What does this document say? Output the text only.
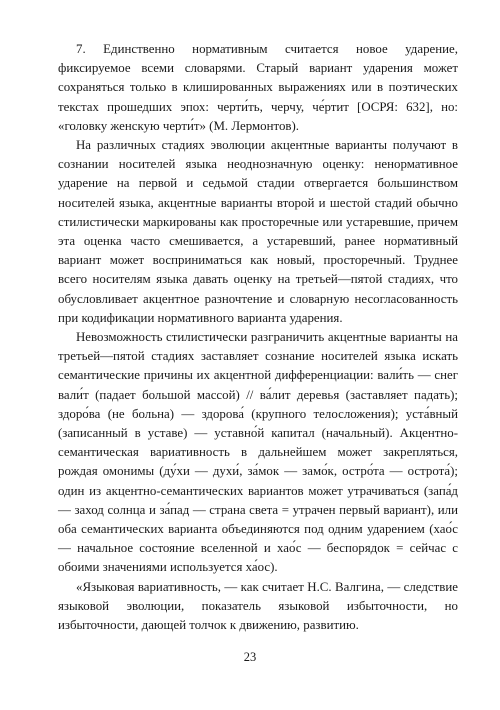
7. Единственно нормативным считается новое ударение, фиксируемое всеми словарями. Старый вариант ударения может сохраняться только в клишированных выражениях или в поэтических текстах прошедших эпох: черти́ть, черчу, че́ртит [ОСРЯ: 632], но: «головку женскую черти́т» (М. Лермонтов).

На различных стадиях эволюции акцентные варианты получают в сознании носителей языка неоднозначную оценку: ненормативное ударение на первой и седьмой стадии отвергается большинством носителей языка, акцентные варианты второй и шестой стадий обычно стилистически маркированы как просторечные или устаревшие, причем эта оценка часто смешивается, а устаревший, ранее нормативный вариант может восприниматься как новый, просторечный. Труднее всего носителям языка давать оценку на третьей—пятой стадиях, что обусловливает акцентное разночтение и словарную несогласованность при кодификации нормативного варианта ударения.

Невозможность стилистически разграничить акцентные варианты на третьей—пятой стадиях заставляет сознание носителей языка искать семантические причины их акцентной дифференциации: вали́ть — снег вали́т (падает большой массой) // ва́лит деревья (заставляет падать); здоро́ва (не больна) — здорова́ (крупного телосложения); уста́вный (записанный в уставе) — уставно́й капитал (начальный). Акцентно-семантическая вариативность в дальнейшем может закрепляться, рождая омонимы (ду́хи — духи́, за́мок — замо́к, остро́та — острота́); один из акцентно-семантических вариантов может утрачиваться (запа́д — заход солнца и за́пад — страна света = утрачен первый вариант), или оба семантических варианта объединяются под одним ударением (хао́с — начальное состояние вселенной и хао́с — беспорядок = сейчас с обоими значениями используется ха́ос).

«Языковая вариативность, — как считает Н.С. Валгина, — следствие языковой эволюции, показатель языковой избыточности, но избыточности, дающей толчок к движению, развитию.

23
